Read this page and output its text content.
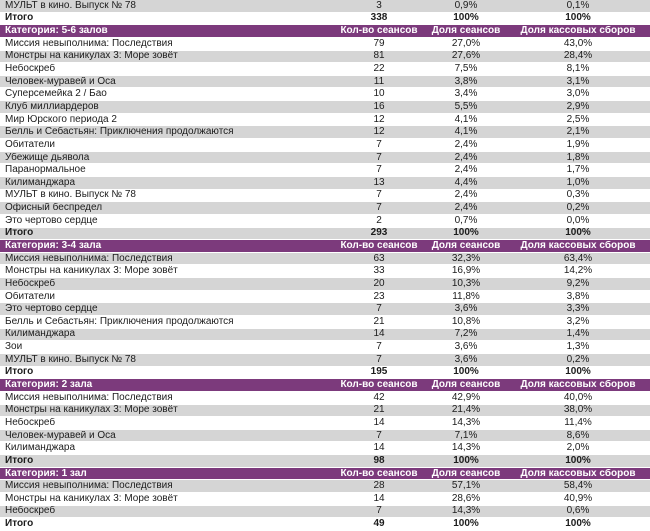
МУЛЬТ в кино. Выпуск № 78	3	0,9%	0,1%
Итого	338	100%	100%
Категория: 5-6 залов	Кол-во сеансов	Доля сеансов	Доля кассовых сборов
Миссия невыполнима: Последствия	79	27,0%	43,0%
Монстры на каникулах 3: Море зовёт	81	27,6%	28,4%
Небоскреб	22	7,5%	8,1%
Человек-муравей и Оса	11	3,8%	3,1%
Суперсемейка 2 / Бао	10	3,4%	3,0%
Клуб миллиардеров	16	5,5%	2,9%
Мир Юрского периода 2	12	4,1%	2,5%
Белль и Себастьян: Приключения продолжаются	12	4,1%	2,1%
Обитатели	7	2,4%	1,9%
Убежище дьявола	7	2,4%	1,8%
Паранормальное	7	2,4%	1,7%
Килиманджара	13	4,4%	1,0%
МУЛЬТ в кино. Выпуск № 78	7	2,4%	0,3%
Офисный беспредел	7	2,4%	0,2%
Это чертово сердце	2	0,7%	0,0%
Итого	293	100%	100%
Категория: 3-4 зала	Кол-во сеансов	Доля сеансов	Доля кассовых сборов
Миссия невыполнима: Последствия	63	32,3%	63,4%
Монстры на каникулах 3: Море зовёт	33	16,9%	14,2%
Небоскреб	20	10,3%	9,2%
Обитатели	23	11,8%	3,8%
Это чертово сердце	7	3,6%	3,3%
Белль и Себастьян: Приключения продолжаются	21	10,8%	3,2%
Килиманджара	14	7,2%	1,4%
Зои	7	3,6%	1,3%
МУЛЬТ в кино. Выпуск № 78	7	3,6%	0,2%
Итого	195	100%	100%
Категория: 2 зала	Кол-во сеансов	Доля сеансов	Доля кассовых сборов
Миссия невыполнима: Последствия	42	42,9%	40,0%
Монстры на каникулах 3: Море зовёт	21	21,4%	38,0%
Небоскреб	14	14,3%	11,4%
Человек-муравей и Оса	7	7,1%	8,6%
Килиманджара	14	14,3%	2,0%
Итого	98	100%	100%
Категория: 1 зал	Кол-во сеансов	Доля сеансов	Доля кассовых сборов
Миссия невыполнима: Последствия	28	57,1%	58,4%
Монстры на каникулах 3: Море зовёт	14	28,6%	40,9%
Небоскреб	7	14,3%	0,6%
Итого	49	100%	100%
